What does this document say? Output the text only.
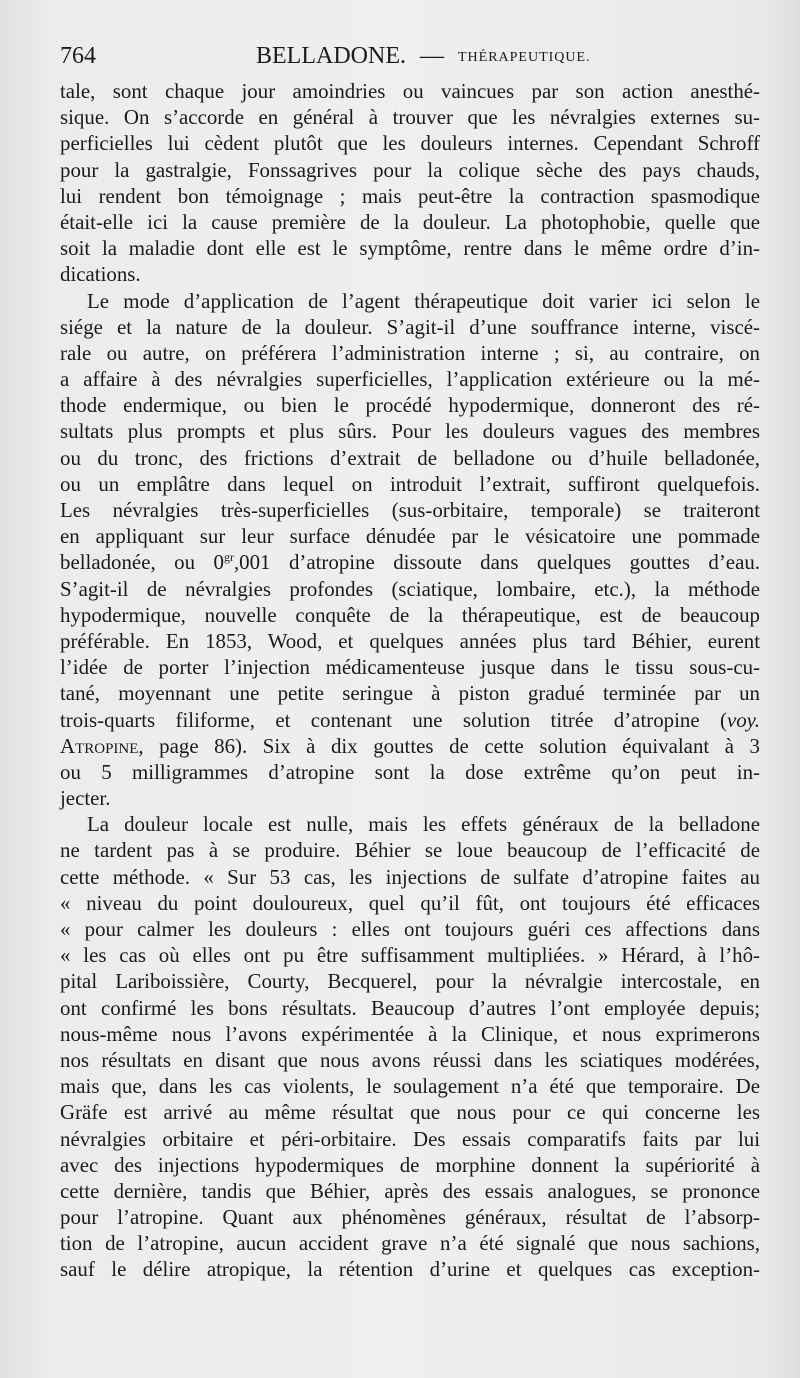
764	BELLADONE. — THÉRAPEUTIQUE.
tale, sont chaque jour amoindries ou vaincues par son action anesthé-
sique. On s’accorde en général à trouver que les névralgies externes su-
perficielles lui cèdent plutôt que les douleurs internes. Cependant Schroff
pour la gastralgie, Fonssagrives pour la colique sèche des pays chauds,
lui rendent bon témoignage ; mais peut-être la contraction spasmodique
était-elle ici la cause première de la douleur. La photophobie, quelle que
soit la maladie dont elle est le symptôme, rentre dans le même ordre d’in-
dications.
Le mode d’application de l’agent thérapeutique doit varier ici selon le
siége et la nature de la douleur. S’agit-il d’une souffrance interne, viscé-
rale ou autre, on préférera l’administration interne ; si, au contraire, on
a affaire à des névralgies superficielles, l’application extérieure ou la mé-
thode endermique, ou bien le procédé hypodermique, donneront des ré-
sultats plus prompts et plus sûrs. Pour les douleurs vagues des membres
ou du tronc, des frictions d’extrait de belladone ou d’huile belladonée,
ou un emplâtre dans lequel on introduit l’extrait, suffiront quelquefois.
Les névralgies très-superficielles (sus-orbitaire, temporale) se traiteront
en appliquant sur leur surface dénudée par le vésicatoire une pommade
belladonée, ou $0^{gr},001$ d’atropine dissoute dans quelques gouttes d’eau.
S’agit-il de névralgies profondes (sciatique, lombaire, etc.), la méthode
hypodermique, nouvelle conquête de la thérapeutique, est de beaucoup
préférable. En 1853, Wood, et quelques années plus tard Béhier, eurent
l’idée de porter l’injection médicamenteuse jusque dans le tissu sous-cu-
tané, moyennant une petite seringue à piston gradué terminée par un
trois-quarts filiforme, et contenant une solution titrée d’atropine (voy.
Atropine, page 86). Six à dix gouttes de cette solution équivalant à 3
ou 5 milligrammes d’atropine sont la dose extrême qu’on peut in-
jecter.
La douleur locale est nulle, mais les effets généraux de la belladone
ne tardent pas à se produire. Béhier se loue beaucoup de l’efficacité de
cette méthode. « Sur 53 cas, les injections de sulfate d’atropine faites au
« niveau du point douloureux, quel qu’il fût, ont toujours été efficaces
« pour calmer les douleurs : elles ont toujours guéri ces affections dans
« les cas où elles ont pu être suffisamment multipliées. » Hérard, à l’hô-
pital Lariboissière, Courty, Becquerel, pour la névralgie intercostale, en
ont confirmé les bons résultats. Beaucoup d’autres l’ont employée depuis;
nous-même nous l’avons expérimentée à la Clinique, et nous exprimerons
nos résultats en disant que nous avons réussi dans les sciatiques modérées,
mais que, dans les cas violents, le soulagement n’a été que temporaire. De
Gräfe est arrivé au même résultat que nous pour ce qui concerne les
névralgies orbitaire et péri-orbitaire. Des essais comparatifs faits par lui
avec des injections hypodermiques de morphine donnent la supériorité à
cette dernière, tandis que Béhier, après des essais analogues, se prononce
pour l’atropine. Quant aux phénomènes généraux, résultat de l’absorp-
tion de l’atropine, aucun accident grave n’a été signalé que nous sachions,
sauf le délire atropique, la rétention d’urine et quelques cas exception-
